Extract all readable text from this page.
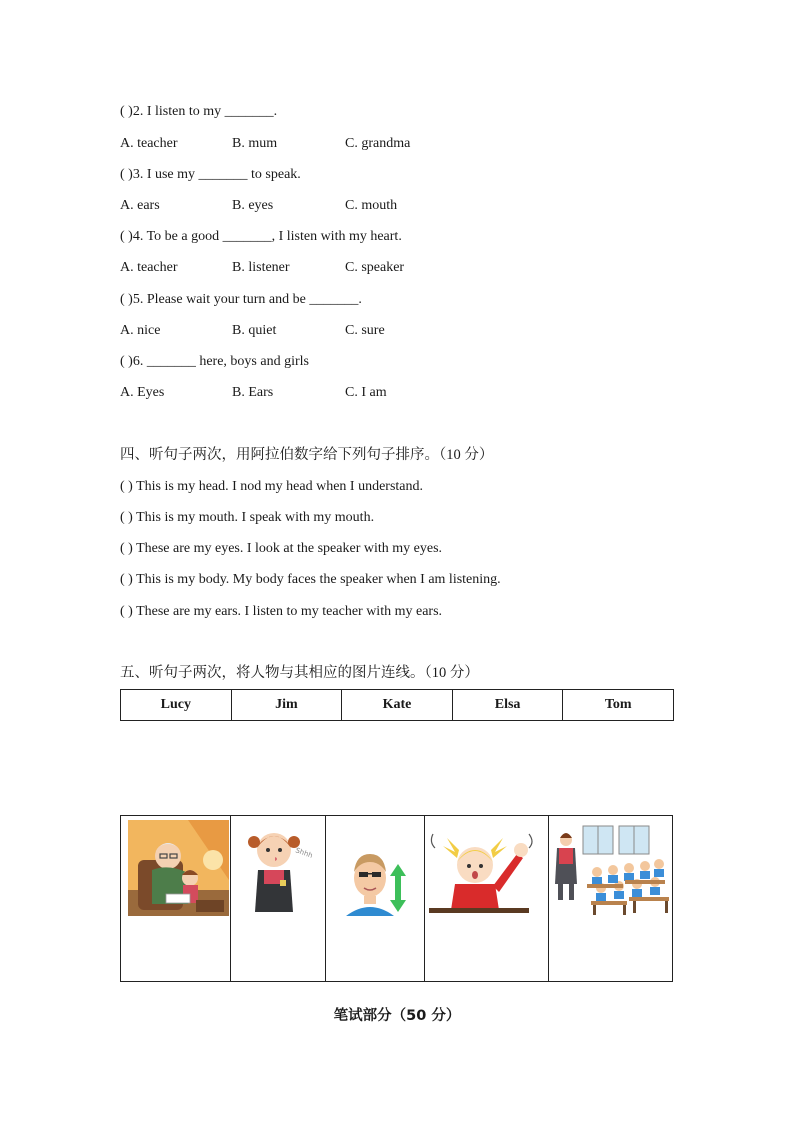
( )2. I listen to my _______.
A. teacher	B. mum	C. grandma
( )3. I use my _______ to speak.
A. ears	B. eyes	C. mouth
( )4. To be a good _______, I listen with my heart.
A. teacher	B. listener	C. speaker
( )5. Please wait your turn and be _______.
A. nice	B. quiet	C. sure
( )6. _______ here, boys and girls
A. Eyes	B. Ears	C. I am
四、听句子两次，用阿拉伯数字给下列句子排序。（10 分）
( ) This is my head. I nod my head when I understand.
( ) This is my mouth. I speak with my mouth.
( ) These are my eyes. I look at the speaker with my eyes.
( ) This is my body. My body faces the speaker when I am listening.
( ) These are my ears. I listen to my teacher with my ears.
五、听句子两次，将人物与其相应的图片连线。（10 分）
Lucy	Jim	Kate	Elsa	Tom
Shhh
笔试部分（50 分）
